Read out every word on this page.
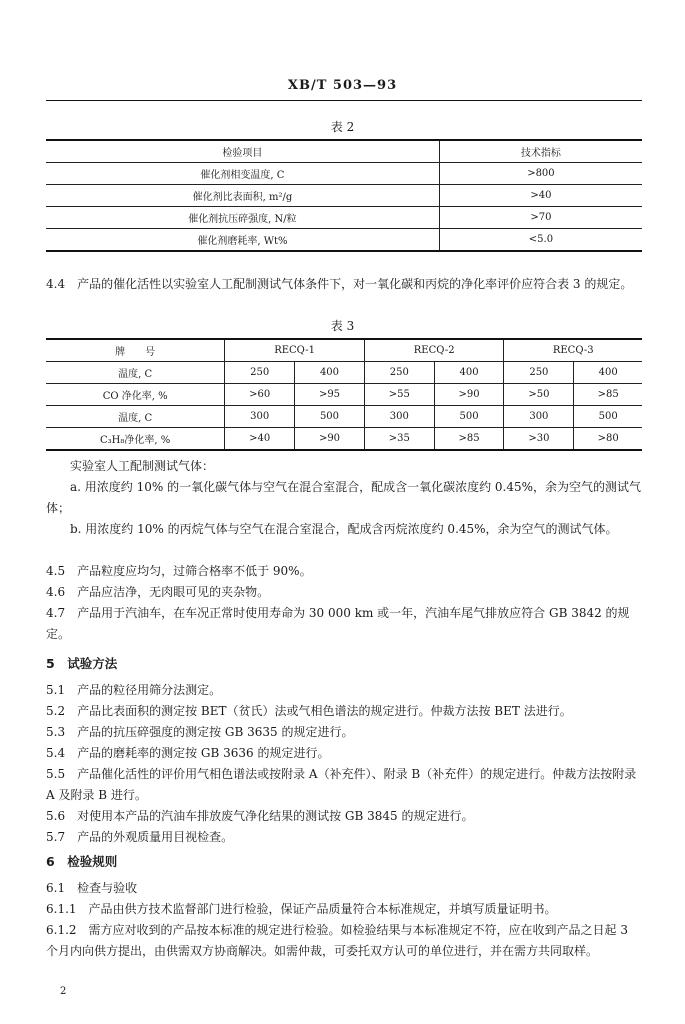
XB/T 503—93
表 2
检验项目	技术指标
催化剂相变温度, C	>800
催化剂比表面积, m²/g	>40
催化剂抗压碎强度, N/粒	>70
催化剂磨耗率, Wt%	<5.0

4.4　产品的催化活性以实验室人工配制测试气体条件下，对一氧化碳和丙烷的净化率评价应符合表 3 的规定。

表 3
牌　　号	RECQ-1		RECQ-2		RECQ-3	
温度, C	250	400	250	400	250	400
CO 净化率, %	>60	>95	>55	>90	>50	>85
温度, C	300	500	300	500	300	500
C₃H₈净化率, %	>40	>90	>35	>85	>30	>80

实验室人工配制测试气体：

a. 用浓度约 10% 的一氧化碳气体与空气在混合室混合，配成含一氧化碳浓度约 0.45%，余为空气的测试气体；

b. 用浓度约 10% 的丙烷气体与空气在混合室混合，配成含丙烷浓度约 0.45%，余为空气的测试气体。

4.5　产品粒度应均匀，过筛合格率不低于 90%。

4.6　产品应洁净，无肉眼可见的夹杂物。

4.7　产品用于汽油车，在车况正常时使用寿命为 30 000 km 或一年，汽油车尾气排放应符合 GB 3842 的规定。

5　试验方法

5.1　产品的粒径用筛分法测定。

5.2　产品比表面积的测定按 BET（贫氏）法或气相色谱法的规定进行。仲裁方法按 BET 法进行。

5.3　产品的抗压碎强度的测定按 GB 3635 的规定进行。

5.4　产品的磨耗率的测定按 GB 3636 的规定进行。

5.5　产品催化活性的评价用气相色谱法或按附录 A（补充件）、附录 B（补充件）的规定进行。仲裁方法按附录 A 及附录 B 进行。

5.6　对使用本产品的汽油车排放废气净化结果的测试按 GB 3845 的规定进行。

5.7　产品的外观质量用目视检查。

6　检验规则

6.1　检查与验收

6.1.1　产品由供方技术监督部门进行检验，保证产品质量符合本标准规定，并填写质量证明书。

6.1.2　需方应对收到的产品按本标准的规定进行检验。如检验结果与本标准规定不符，应在收到产品之日起 3 个月内向供方提出，由供需双方协商解决。如需仲裁，可委托双方认可的单位进行，并在需方共同取样。

2
